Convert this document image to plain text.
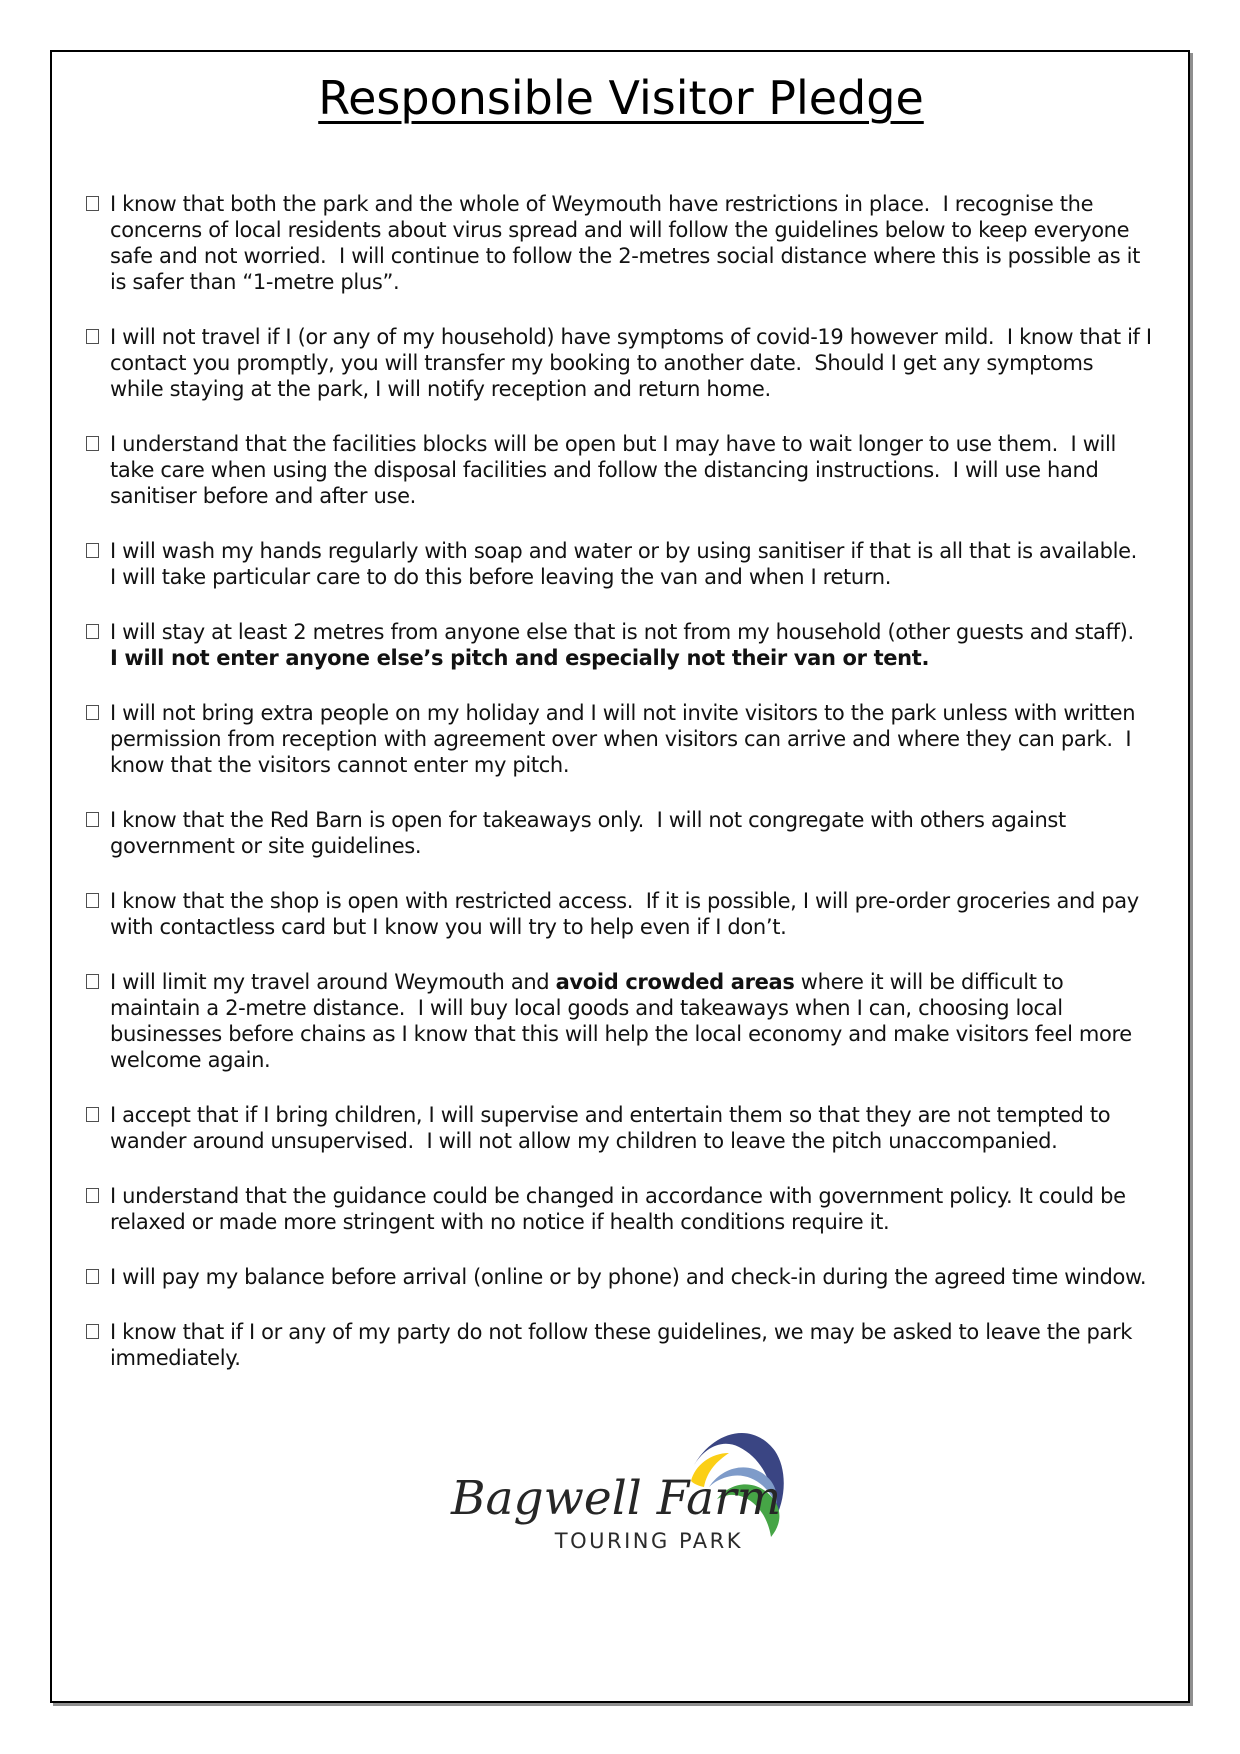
Responsible Visitor Pledge

I know that both the park and the whole of Weymouth have restrictions in place.  I recognise the concerns of local residents about virus spread and will follow the guidelines below to keep everyone safe and not worried.  I will continue to follow the 2-metres social distance where this is possible as it is safer than “1-metre plus”.

I will not travel if I (or any of my household) have symptoms of covid-19 however mild.  I know that if I contact you promptly, you will transfer my booking to another date.  Should I get any symptoms while staying at the park, I will notify reception and return home.

I understand that the facilities blocks will be open but I may have to wait longer to use them.  I will take care when using the disposal facilities and follow the distancing instructions.  I will use hand sanitiser before and after use.

I will wash my hands regularly with soap and water or by using sanitiser if that is all that is available.  I will take particular care to do this before leaving the van and when I return.

I will stay at least 2 metres from anyone else that is not from my household (other guests and staff).  I will not enter anyone else’s pitch and especially not their van or tent.

I will not bring extra people on my holiday and I will not invite visitors to the park unless with written permission from reception with agreement over when visitors can arrive and where they can park.  I know that the visitors cannot enter my pitch.

I know that the Red Barn is open for takeaways only.  I will not congregate with others against government or site guidelines.

I know that the shop is open with restricted access.  If it is possible, I will pre-order groceries and pay with contactless card but I know you will try to help even if I don’t.

I will limit my travel around Weymouth and avoid crowded areas where it will be difficult to maintain a 2-metre distance.  I will buy local goods and takeaways when I can, choosing local businesses before chains as I know that this will help the local economy and make visitors feel more welcome again.

I accept that if I bring children, I will supervise and entertain them so that they are not tempted to wander around unsupervised.  I will not allow my children to leave the pitch unaccompanied.

I understand that the guidance could be changed in accordance with government policy. It could be relaxed or made more stringent with no notice if health conditions require it.

I will pay my balance before arrival (online or by phone) and check-in during the agreed time window.

I know that if I or any of my party do not follow these guidelines, we may be asked to leave the park immediately.

Bagwell Farm
TOURING PARK
